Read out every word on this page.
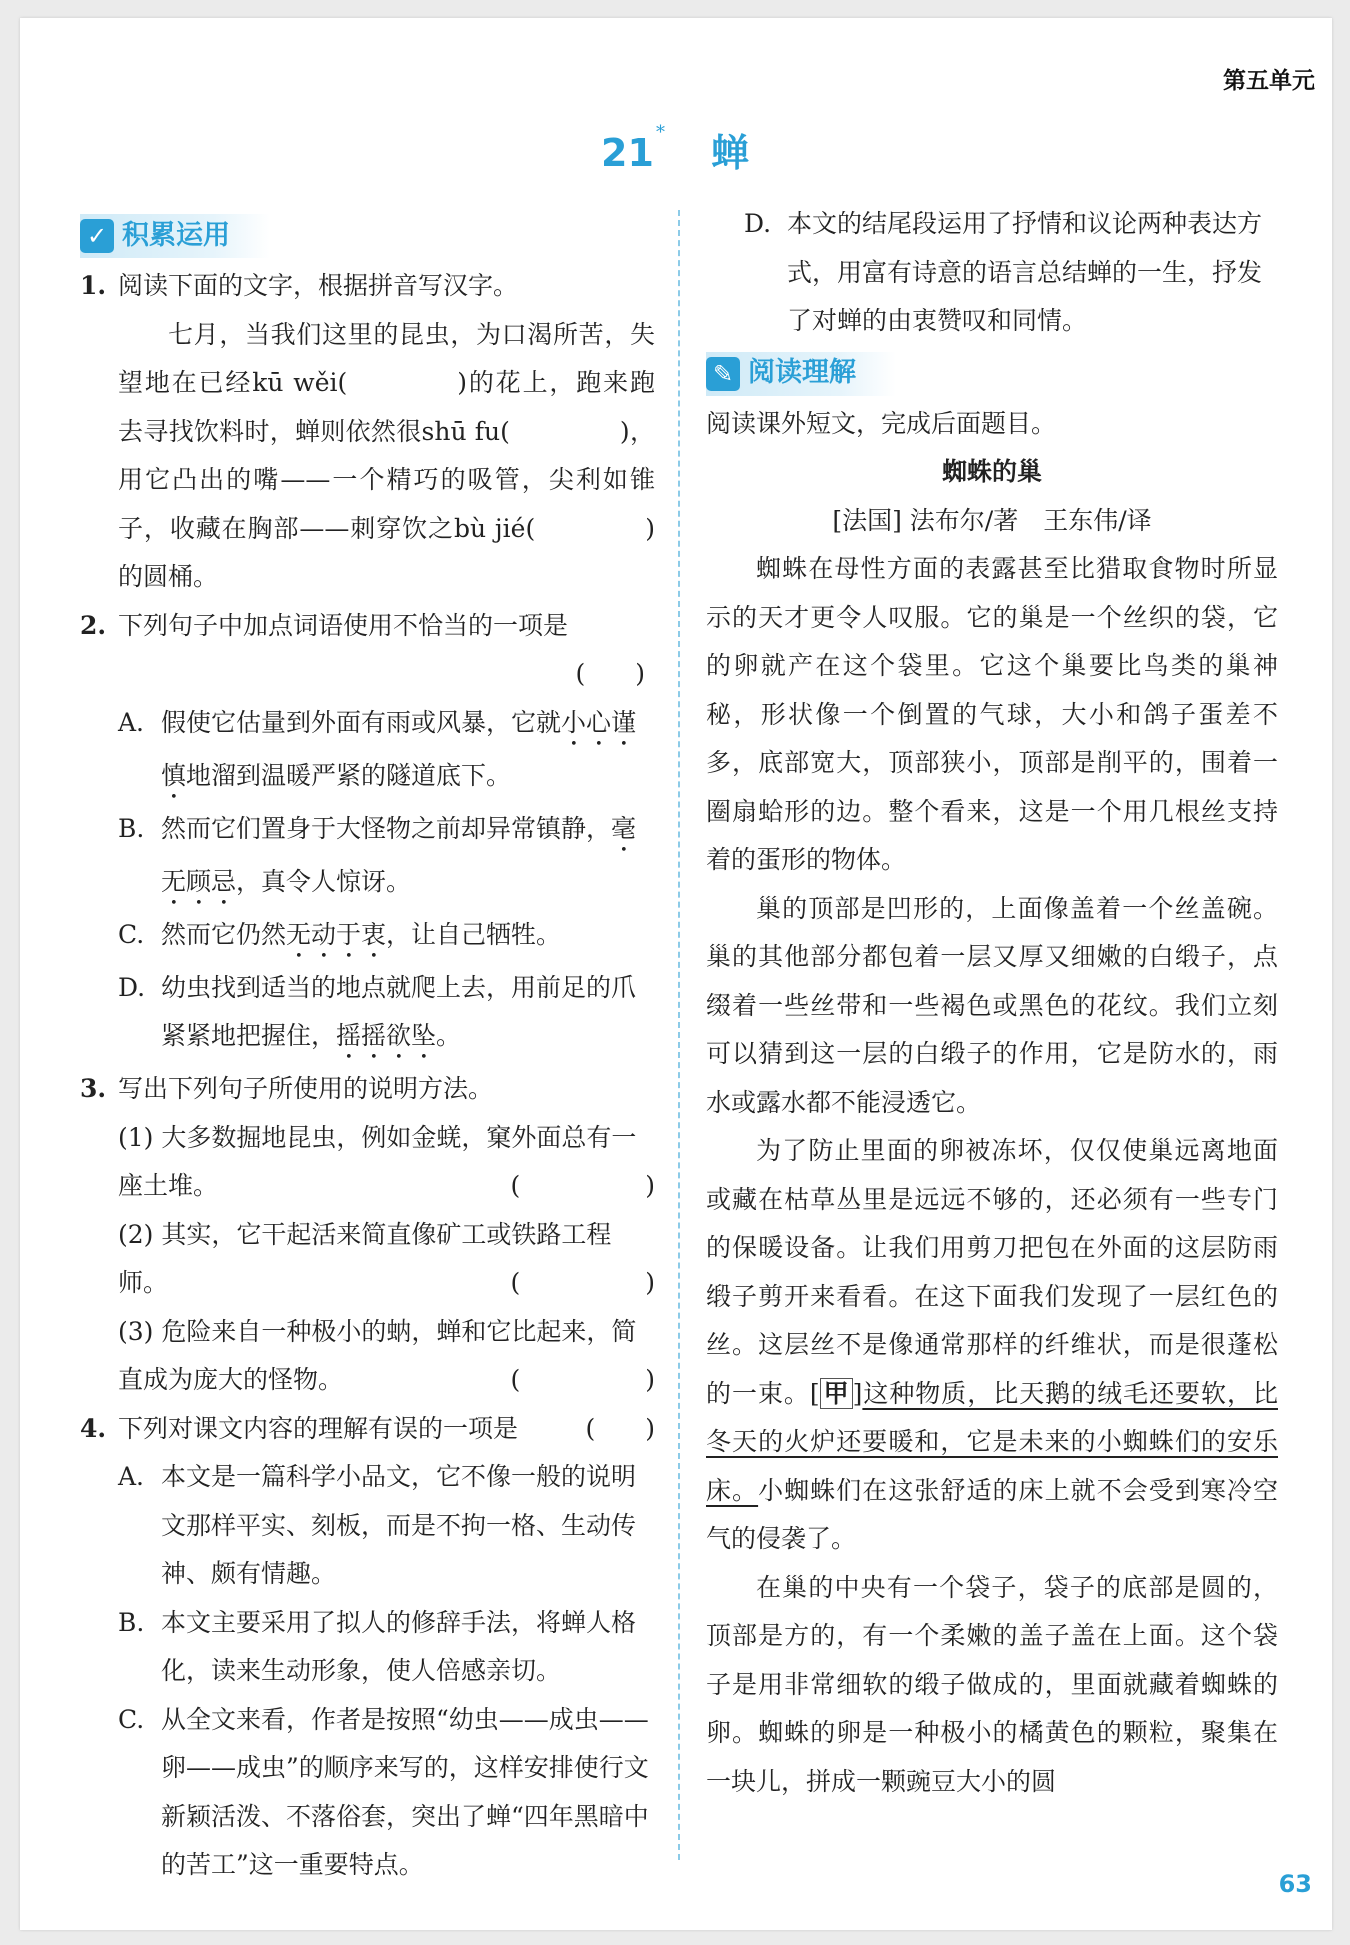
第五单元
21 * 蝉
✓ 积累运用
1. 阅读下面的文字，根据拼音写汉字。
七月，当我们这里的昆虫，为口渴所苦，失望地在已经kū wěi(	)的花上，跑来跑去寻找饮料时，蝉则依然很shū fu(	)，用它凸出的嘴——一个精巧的吸管，尖利如锥子，收藏在胸部——刺穿饮之bù jié(	)的圆桶。
2. 下列句子中加点词语使用不恰当的一项是
(　　)
A. 假使它估量到外面有雨或风暴，它就小心谨慎地溜到温暖严紧的隧道底下。
B. 然而它们置身于大怪物之前却异常镇静，毫无顾忌，真令人惊讶。
C. 然而它仍然无动于衷，让自己牺牲。
D. 幼虫找到适当的地点就爬上去，用前足的爪紧紧地把握住，摇摇欲坠。
3. 写出下列句子所使用的说明方法。
(1) 大多数掘地昆虫，例如金蜣，窠外面总有一座土堆。	(　　　　　)
(2) 其实，它干起活来简直像矿工或铁路工程师。	(　　　　　)
(3) 危险来自一种极小的蚋，蝉和它比起来，简直成为庞大的怪物。	(　　　　　)
4. 下列对课文内容的理解有误的一项是	(　　)
A. 本文是一篇科学小品文，它不像一般的说明文那样平实、刻板，而是不拘一格、生动传神、颇有情趣。
B. 本文主要采用了拟人的修辞手法，将蝉人格化，读来生动形象，使人倍感亲切。
C. 从全文来看，作者是按照“幼虫——成虫——卵——成虫”的顺序来写的，这样安排使行文新颖活泼、不落俗套，突出了蝉“四年黑暗中的苦工”这一重要特点。
D. 本文的结尾段运用了抒情和议论两种表达方式，用富有诗意的语言总结蝉的一生，抒发了对蝉的由衷赞叹和同情。
✎ 阅读理解
阅读课外短文，完成后面题目。
蜘蛛的巢
[法国] 法布尔/著　王东伟/译
蜘蛛在母性方面的表露甚至比猎取食物时所显示的天才更令人叹服。它的巢是一个丝织的袋，它的卵就产在这个袋里。它这个巢要比鸟类的巢神秘，形状像一个倒置的气球，大小和鸽子蛋差不多，底部宽大，顶部狭小，顶部是削平的，围着一圈扇蛤形的边。整个看来，这是一个用几根丝支持着的蛋形的物体。
巢的顶部是凹形的，上面像盖着一个丝盖碗。巢的其他部分都包着一层又厚又细嫩的白缎子，点缀着一些丝带和一些褐色或黑色的花纹。我们立刻可以猜到这一层的白缎子的作用，它是防水的，雨水或露水都不能浸透它。
为了防止里面的卵被冻坏，仅仅使巢远离地面或藏在枯草丛里是远远不够的，还必须有一些专门的保暖设备。让我们用剪刀把包在外面的这层防雨缎子剪开来看看。在这下面我们发现了一层红色的丝。这层丝不是像通常那样的纤维状，而是很蓬松的一束。[ 甲 ]这种物质，比天鹅的绒毛还要软，比冬天的火炉还要暖和，它是未来的小蜘蛛们的安乐床。小蜘蛛们在这张舒适的床上就不会受到寒冷空气的侵袭了。
在巢的中央有一个袋子，袋子的底部是圆的，顶部是方的，有一个柔嫩的盖子盖在上面。这个袋子是用非常细软的缎子做成的，里面就藏着蜘蛛的卵。蜘蛛的卵是一种极小的橘黄色的颗粒，聚集在一块儿，拼成一颗豌豆大小的圆
63
